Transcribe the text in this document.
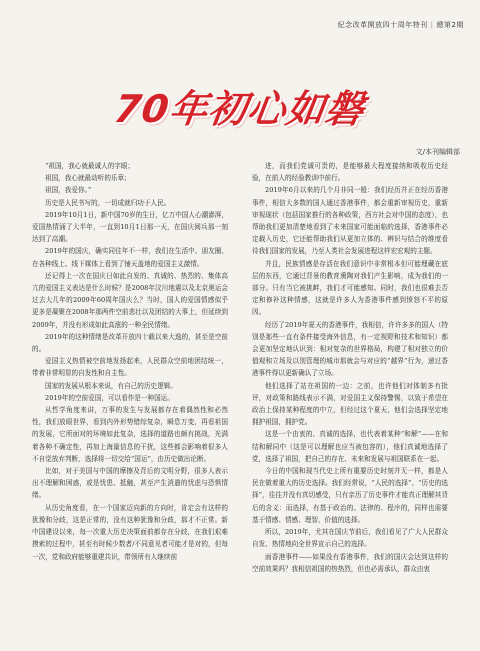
紀念改革開放四十周年特刊 | 總第2期
70年初心如磐
文/本刊编辑部

“祖国，我心就最诚人的字眼；

祖国，我心就最动听的乐章；

祖国，我爱你。”

历史是人民书写的，一切成就归功于人民。

2019年10月1日，新中国70岁的生日，亿万中国人心潮澎湃，爱国热情涌了大半年，一直到10月1日那一天，在国庆阅兵那一刻达到了高潮。

2019年的国庆，确实同往年不一样，我们在生活中、朋友圈、在各种线上、线下媒体上看到了铺天盖地的爱国主义激情。

还记得上一次在国庆日如此自发的、真诚的、热烈的、集体高亢的爱国主义表达是什么时候？是2008年汶川地震以及北京奥运会过去大几年的2009年60周年国庆么？当时，国人的爱国情感似乎更多是凝聚在2008年那两件空前悲壮以及团结的大事上，但延续到2009年，并没有形成如此高涨的一种全民情绪。

2019年的这种情绪是改革开放四十载以来大逸的，甚至是空前的。

爱国主义热情被空前地发扬起来，人民群众空前地团结统一，带着非常明显的自发性和自主性。

国家的发展从根本来说，有自己的历史逻辑。

2019年的空前爱国，可以看作是一种国运。

从哲学角度来讲，万事的发生与发展都存在着偶然性和必然性，我们放眼世界，看到内外形势错综复杂，瞬息万变，再看祖国的发展，它所面对的环境如此复杂，选择的道路也颇有挑战，光满着各种不确定性，再加上海量信息的干扰，这些都会影响着很多人不自觉放弃判断，选择将一切交给“国运”，由历史做出论断。

比如，对于美国与中国的摩擦及背后的文明分野，很多人表示出不理解和困惑，或是忧患、抵触，甚至产生消遣的忧虑与恐惧情绪。

从历史角度看，在一个国家迈向新的方向时，肯定会有这样的犹豫和分歧，这是正常的，没有这种犹豫和分歧，那才不正常。新中国建设以来，每一次重大历史决策面前都存在分歧，在我们艰难摸索的过程中，甚至有时候少数者/不同意见者可能才是对的，但每一次，党和政府能够重建共识，带领所有人继续前

进，而我们党诚可贵的，是能够最大程度接纳和吸收历史经验，在前人的经验教训中前行。

2019年6月以来的几个月非同一般：我们经历并正在经历香港事件，相信大多数的国人通过香港事件，都会重新审视历史，重新审视现状（包括国家推行的各种政策，西方社会对中国的态度），也帮助我们更加清楚地看到了未来国家可能面临的选择，香港事件必定载入历史，它还能帮助我们从更加立体的、辨识与结合的维度看待我们国家的发展，乃至人类社会发展进程这样宏宏观的主题。

并且，民族情感是存活在我们意识中非常根本但可能埋藏在底层的东西，它通过背景的教育熏陶对我们产生影响，成为我们的一部分。只有当它被挑衅，我们才可能感知。同时，我们也很难去否定和修补这种情感，这就是许多人为香港事件感到愤怒不平的原因。

经历了2019年夏天的香港事件，我相信，许许多多的国人（特别是那些一直有条件接受海外信息，有一定视野和技术和知识）都会更加坚定地认识到：相对复杂的世界格局，构建了相对独立的价值观和立场及以别管理的城市那就会与对应的“越界”行为，递过香港事件得以更新确认了立场。

他们选择了站在祖国的一边：之前，也许他们对体制多有批评，对政策和路线表示不满，对爱国主义保持警惕，以致于希望在政治上保持某种程度的中立，但经过这个夏天，他们会选择坚定地拥护祖国，拥护党。

这是一个由衷的、真诚的选择，也代表着某种“和解”——在和结和解同中（这是可以理解也应当被包容的），他们真诚地选择了党，选择了祖国，把自己的存在、未来和发展与祖国联系在一起。

今日的中国和现当代史上所有重要历史时刻并无一样，都是人民在做着重大的历史选择。我们经常说，“人民的选择”、“历史的选择”，往往并没有真切感受，只有亲历了历史事件才能真正理解其背后的含义：而选择，有基于政治的、法律的、程序的，同样也需要基于情感、情感、理智、价值的选择。

所以，2019年，尤其在国庆节前后，我们看见了广大人民群众自发、热情地向全世界宣示自己的选择。

面香港事件——如果没有香港事件，我们的国庆会达到这样的空前效果吗？我相信祖国的热热烈，但也必需承认，群众由衷
